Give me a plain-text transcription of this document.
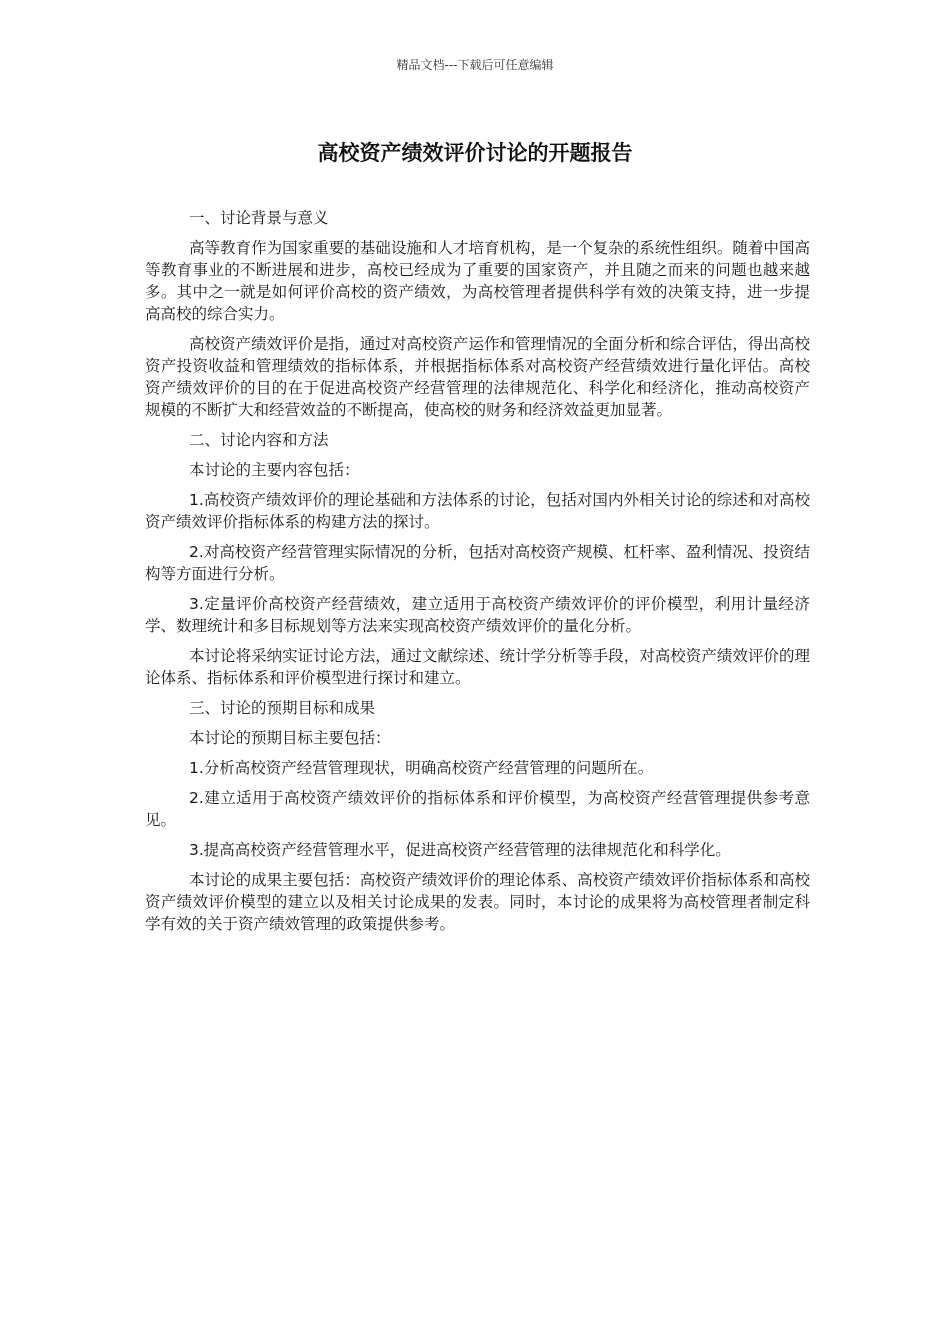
精品文档---下载后可任意编辑
高校资产绩效评价讨论的开题报告

一、讨论背景与意义

高等教育作为国家重要的基础设施和人才培育机构，是一个复杂的系统性组织。随着中国高等教育事业的不断进展和进步，高校已经成为了重要的国家资产，并且随之而来的问题也越来越多。其中之一就是如何评价高校的资产绩效，为高校管理者提供科学有效的决策支持，进一步提高高校的综合实力。

高校资产绩效评价是指，通过对高校资产运作和管理情况的全面分析和综合评估，得出高校资产投资收益和管理绩效的指标体系，并根据指标体系对高校资产经营绩效进行量化评估。高校资产绩效评价的目的在于促进高校资产经营管理的法律规范化、科学化和经济化，推动高校资产规模的不断扩大和经营效益的不断提高，使高校的财务和经济效益更加显著。

二、讨论内容和方法

本讨论的主要内容包括：

1.高校资产绩效评价的理论基础和方法体系的讨论，包括对国内外相关讨论的综述和对高校资产绩效评价指标体系的构建方法的探讨。

2.对高校资产经营管理实际情况的分析，包括对高校资产规模、杠杆率、盈利情况、投资结构等方面进行分析。

3.定量评价高校资产经营绩效，建立适用于高校资产绩效评价的评价模型，利用计量经济学、数理统计和多目标规划等方法来实现高校资产绩效评价的量化分析。

本讨论将采纳实证讨论方法，通过文献综述、统计学分析等手段，对高校资产绩效评价的理论体系、指标体系和评价模型进行探讨和建立。

三、讨论的预期目标和成果

本讨论的预期目标主要包括：

1.分析高校资产经营管理现状，明确高校资产经营管理的问题所在。

2.建立适用于高校资产绩效评价的指标体系和评价模型，为高校资产经营管理提供参考意见。

3.提高高校资产经营管理水平，促进高校资产经营管理的法律规范化和科学化。

本讨论的成果主要包括：高校资产绩效评价的理论体系、高校资产绩效评价指标体系和高校资产绩效评价模型的建立以及相关讨论成果的发表。同时，本讨论的成果将为高校管理者制定科学有效的关于资产绩效管理的政策提供参考。
